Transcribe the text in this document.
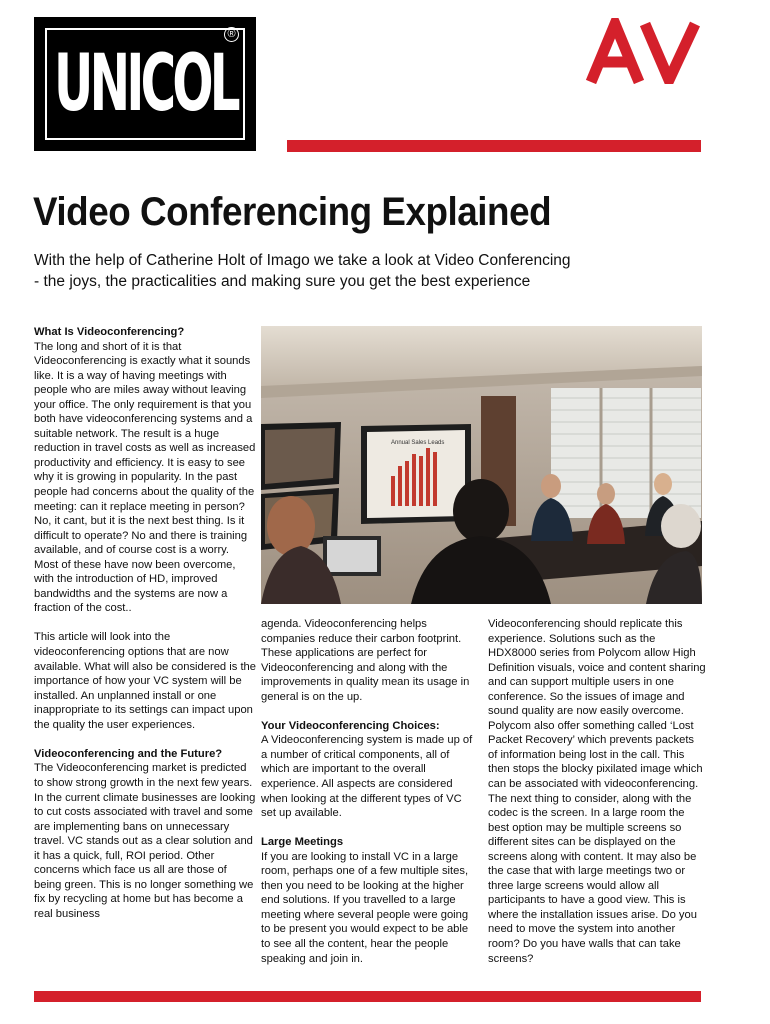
UNICOL
®
Video Conferencing Explained
With the help of Catherine Holt of Imago we take a look at Video Conferencing
- the joys, the practicalities and making sure you get the best experience
What Is Videoconferencing?

The long and short of it is that Videoconferencing is exactly what it sounds like. It is a way of having meetings with people who are miles away without leaving your office. The only requirement is that you both have videoconferencing systems and a suitable network. The result is a huge reduction in travel costs as well as increased productivity and efficiency. It is easy to see why it is growing in popularity. In the past people had concerns about the quality of the meeting: can it replace meeting in person? No, it cant, but it is the next best thing. Is it difficult to operate? No and there is training available, and of course cost is a worry. Most of these have now been overcome, with the introduction of HD, improved bandwidths and the systems are now a fraction of the cost..

This article will look into the videoconferencing options that are now available. What will also be considered is the importance of how your VC system will be installed. An unplanned install or one inappropriate to its settings can impact upon the quality the user experiences.

Videoconferencing and the Future?

The Videoconferencing market is predicted to show strong growth in the next few years. In the current climate businesses are looking to cut costs associated with travel and some are implementing bans on unnecessary travel. VC stands out as a clear solution and it has a quick, full, ROI period. Other concerns which face us all are those of being green. This is no longer something we fix by recycling at home but has become a real business

Annual Sales Leads

agenda. Videoconferencing helps companies reduce their carbon footprint. These applications are perfect for Videoconferencing and along with the improvements in quality mean its usage in general is on the up.

Your Videoconferencing Choices:

A Videoconferencing system is made up of a number of critical components, all of which are important to the overall experience. All aspects are considered when looking at the different types of VC set up available.

Large Meetings

If you are looking to install VC in a large room, perhaps one of a few multiple sites, then you need to be looking at the higher end solutions. If you travelled to a large meeting where several people were going to be present you would expect to be able to see all the content, hear the people speaking and join in.

Videoconferencing should replicate this experience. Solutions such as the HDX8000 series from Polycom allow High Definition visuals, voice and content sharing and can support multiple users in one conference. So the issues of image and sound quality are now easily overcome. Polycom also offer something called ‘Lost Packet Recovery’ which prevents packets of information being lost in the call. This then stops the blocky pixilated image which can be associated with videoconferencing. The next thing to consider, along with the codec is the screen. In a large room the best option may be multiple screens so different sites can be displayed on the screens along with content. It may also be the case that with large meetings two or three large screens would allow all participants to have a good view. This is where the installation issues arise. Do you need to move the system into another room? Do you have walls that can take screens?
